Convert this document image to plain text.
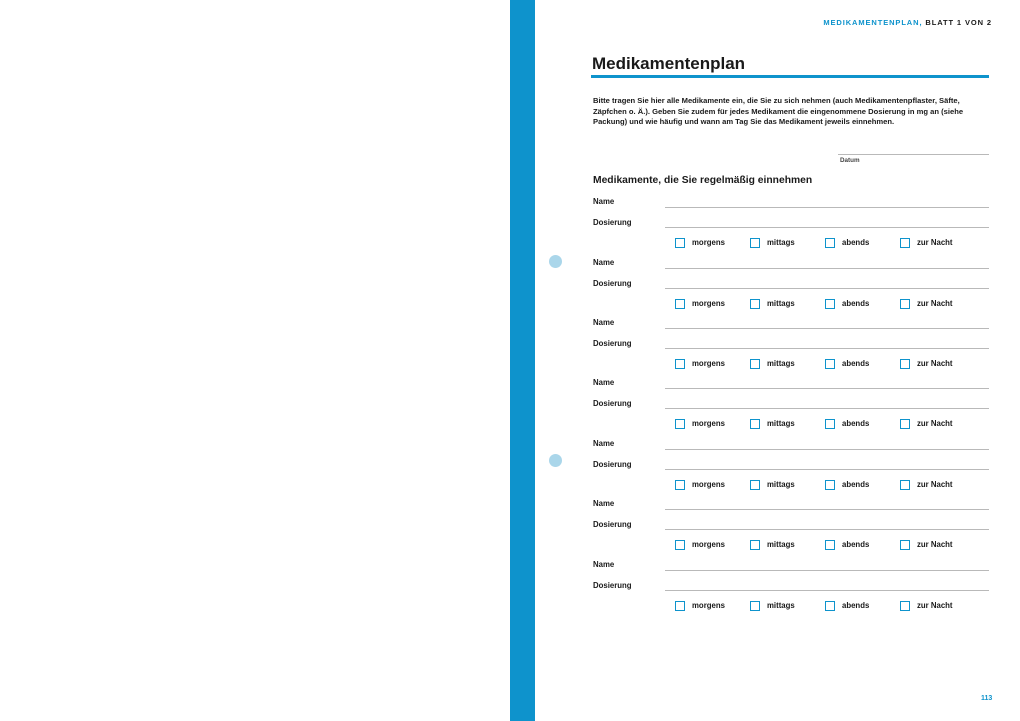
MEDIKAMENTENPLAN, BLATT 1 VON 2
Medikamentenplan

Bitte tragen Sie hier alle Medikamente ein, die Sie zu sich nehmen (auch Medikamentenpflaster, Säfte, Zäpfchen o. Ä.). Geben Sie zudem für jedes Medikament die eingenommene Dosierung in mg an (siehe Packung) und wie häufig und wann am Tag Sie das Medikament jeweils einnehmen.

Datum
Medikamente, die Sie regelmäßig einnehmen
Name
Dosierung
morgens	mittags	abends	zur Nacht
Name
Dosierung
morgens	mittags	abends	zur Nacht
Name
Dosierung
morgens	mittags	abends	zur Nacht
Name
Dosierung
morgens	mittags	abends	zur Nacht
Name
Dosierung
morgens	mittags	abends	zur Nacht
Name
Dosierung
morgens	mittags	abends	zur Nacht
Name
Dosierung
morgens	mittags	abends	zur Nacht
113
